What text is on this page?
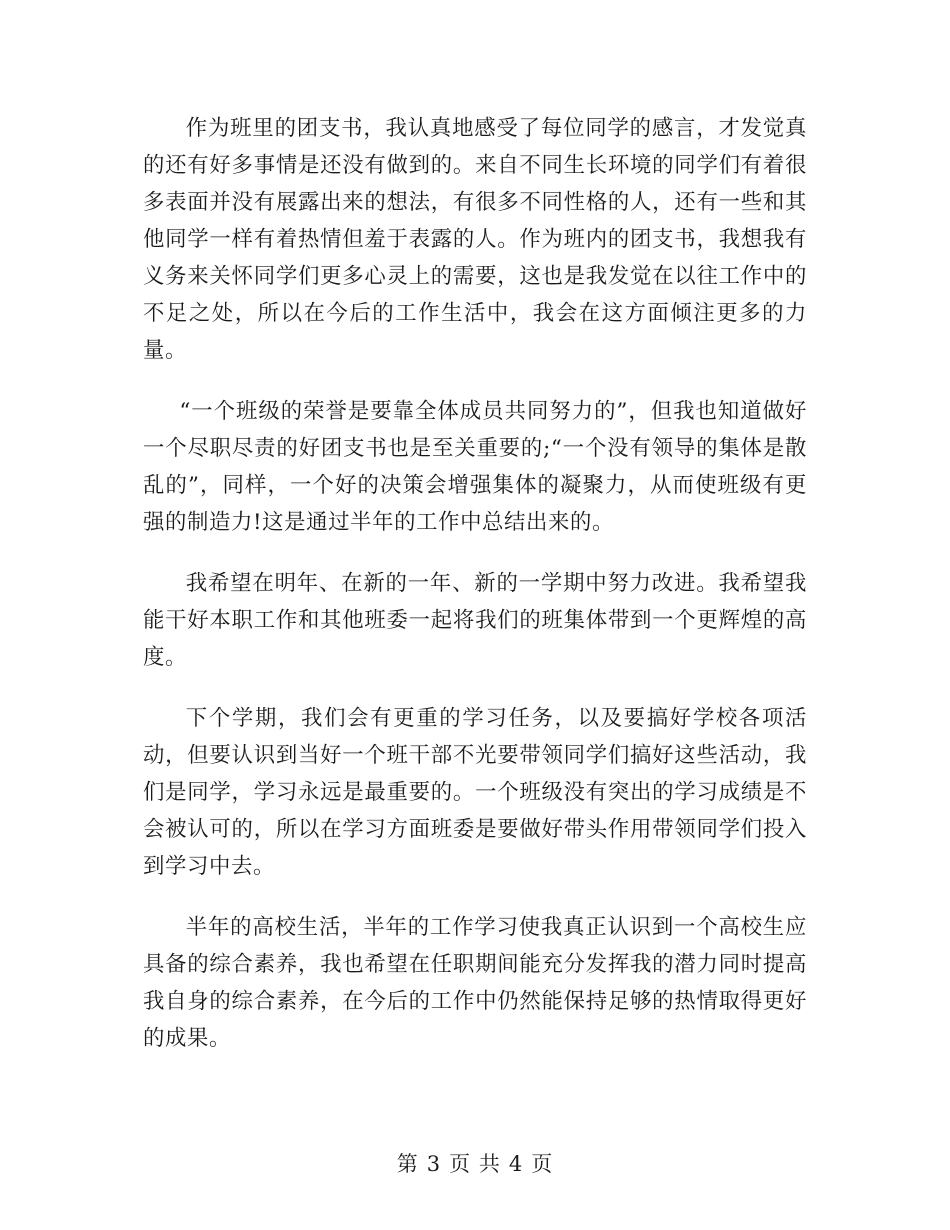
作为班里的团支书，我认真地感受了每位同学的感言，才发觉真的还有好多事情是还没有做到的。来自不同生长环境的同学们有着很多表面并没有展露出来的想法，有很多不同性格的人，还有一些和其他同学一样有着热情但羞于表露的人。作为班内的团支书，我想我有义务来关怀同学们更多心灵上的需要，这也是我发觉在以往工作中的不足之处，所以在今后的工作生活中，我会在这方面倾注更多的力量。

“一个班级的荣誉是要靠全体成员共同努力的”，但我也知道做好一个尽职尽责的好团支书也是至关重要的;“一个没有领导的集体是散乱的”，同样，一个好的决策会增强集体的凝聚力，从而使班级有更强的制造力!这是通过半年的工作中总结出来的。

我希望在明年、在新的一年、新的一学期中努力改进。我希望我能干好本职工作和其他班委一起将我们的班集体带到一个更辉煌的高度。

下个学期，我们会有更重的学习任务，以及要搞好学校各项活动，但要认识到当好一个班干部不光要带领同学们搞好这些活动，我们是同学，学习永远是最重要的。一个班级没有突出的学习成绩是不会被认可的，所以在学习方面班委是要做好带头作用带领同学们投入到学习中去。

半年的高校生活，半年的工作学习使我真正认识到一个高校生应具备的综合素养，我也希望在任职期间能充分发挥我的潜力同时提高我自身的综合素养，在今后的工作中仍然能保持足够的热情取得更好的成果。

第 3 页 共 4 页
